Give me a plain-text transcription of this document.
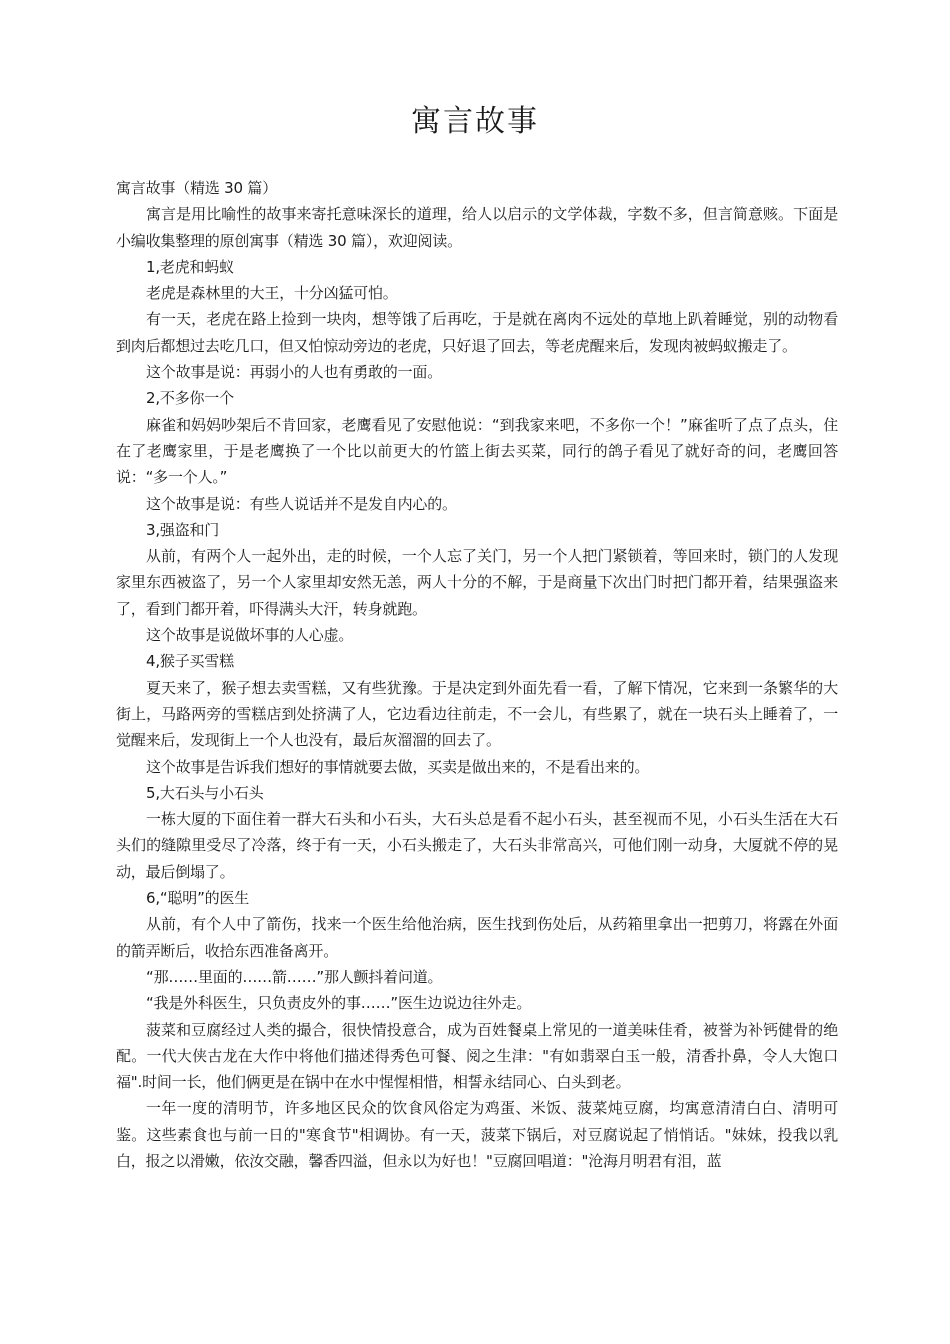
寓言故事

寓言故事（精选 30 篇）

寓言是用比喻性的故事来寄托意味深长的道理，给人以启示的文学体裁，字数不多，但言简意赅。下面是小编收集整理的原创寓事（精选 30 篇），欢迎阅读。

1,老虎和蚂蚁

老虎是森林里的大王，十分凶猛可怕。

有一天，老虎在路上捡到一块肉，想等饿了后再吃，于是就在离肉不远处的草地上趴着睡觉，别的动物看到肉后都想过去吃几口，但又怕惊动旁边的老虎，只好退了回去，等老虎醒来后，发现肉被蚂蚁搬走了。

这个故事是说：再弱小的人也有勇敢的一面。

2,不多你一个

麻雀和妈妈吵架后不肯回家，老鹰看见了安慰他说：“到我家来吧，不多你一个！”麻雀听了点了点头，住在了老鹰家里，于是老鹰换了一个比以前更大的竹篮上街去买菜，同行的鸽子看见了就好奇的问，老鹰回答说：“多一个人。”

这个故事是说：有些人说话并不是发自内心的。

3,强盗和门

从前，有两个人一起外出，走的时候，一个人忘了关门，另一个人把门紧锁着，等回来时，锁门的人发现家里东西被盗了，另一个人家里却安然无恙，两人十分的不解，于是商量下次出门时把门都开着，结果强盗来了，看到门都开着，吓得满头大汗，转身就跑。

这个故事是说做坏事的人心虚。

4,猴子买雪糕

夏天来了，猴子想去卖雪糕，又有些犹豫。于是决定到外面先看一看，了解下情况，它来到一条繁华的大街上，马路两旁的雪糕店到处挤满了人，它边看边往前走，不一会儿，有些累了，就在一块石头上睡着了，一觉醒来后，发现街上一个人也没有，最后灰溜溜的回去了。

这个故事是告诉我们想好的事情就要去做，买卖是做出来的，不是看出来的。

5,大石头与小石头

一栋大厦的下面住着一群大石头和小石头，大石头总是看不起小石头，甚至视而不见，小石头生活在大石头们的缝隙里受尽了冷落，终于有一天，小石头搬走了，大石头非常高兴，可他们刚一动身，大厦就不停的晃动，最后倒塌了。

6,“聪明”的医生

从前，有个人中了箭伤，找来一个医生给他治病，医生找到伤处后，从药箱里拿出一把剪刀，将露在外面的箭弄断后，收拾东西准备离开。

“那……里面的……箭……”那人颤抖着问道。

“我是外科医生，只负责皮外的事……”医生边说边往外走。

菠菜和豆腐经过人类的撮合，很快情投意合，成为百姓餐桌上常见的一道美味佳肴，被誉为补钙健骨的绝配。一代大侠古龙在大作中将他们描述得秀色可餐、阅之生津："有如翡翠白玉一般，清香扑鼻，令人大饱口福".时间一长，他们俩更是在锅中在水中惺惺相惜，相誓永结同心、白头到老。

一年一度的清明节，许多地区民众的饮食风俗定为鸡蛋、米饭、菠菜炖豆腐，均寓意清清白白、清明可鉴。这些素食也与前一日的"寒食节"相调协。有一天，菠菜下锅后，对豆腐说起了悄悄话。"妹妹，投我以乳白，报之以滑嫩，依汝交融，馨香四溢，但永以为好也！"豆腐回唱道："沧海月明君有泪，蓝
